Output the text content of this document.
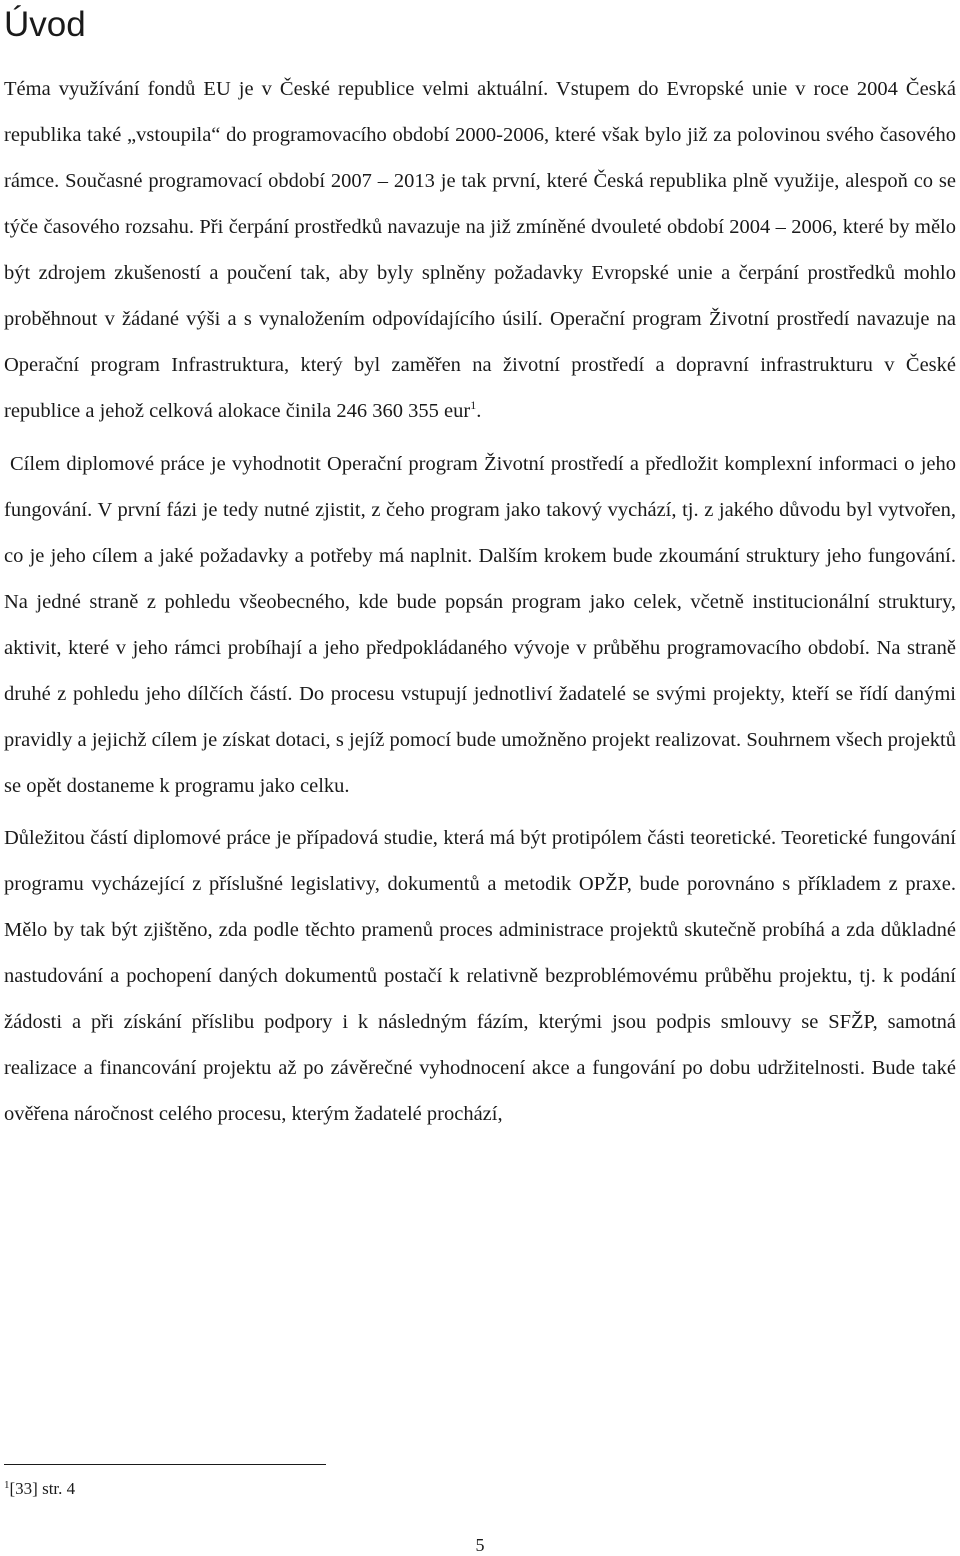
Úvod

Téma využívání fondů EU je v České republice velmi aktuální. Vstupem do Evropské unie v roce 2004 Česká republika také „vstoupila“ do programovacího období 2000-2006, které však bylo již za polovinou svého časového rámce. Současné programovací období 2007 – 2013 je tak první, které Česká republika plně využije, alespoň co se týče časového rozsahu. Při čerpání prostředků navazuje na již zmíněné dvouleté období 2004 – 2006, které by mělo být zdrojem zkušeností a poučení tak, aby byly splněny požadavky Evropské unie a čerpání prostředků mohlo proběhnout v žádané výši a s vynaložením odpovídajícího úsilí. Operační program Životní prostředí navazuje na Operační program Infrastruktura, který byl zaměřen na životní prostředí a dopravní infrastrukturu v České republice a jehož celková alokace činila 246 360 355 eur$^1$.

Cílem diplomové práce je vyhodnotit Operační program Životní prostředí a předložit komplexní informaci o jeho fungování. V první fázi je tedy nutné zjistit, z čeho program jako takový vychází, tj. z jakého důvodu byl vytvořen, co je jeho cílem a jaké požadavky a potřeby má naplnit. Dalším krokem bude zkoumání struktury jeho fungování. Na jedné straně z pohledu všeobecného, kde bude popsán program jako celek, včetně institucionální struktury, aktivit, které v jeho rámci probíhají a jeho předpokládaného vývoje v průběhu programovacího období. Na straně druhé z pohledu jeho dílčích částí. Do procesu vstupují jednotliví žadatelé se svými projekty, kteří se řídí danými pravidly a jejichž cílem je získat dotaci, s jejíž pomocí bude umožněno projekt realizovat. Souhrnem všech projektů se opět dostaneme k programu jako celku.

Důležitou částí diplomové práce je případová studie, která má být protipólem části teoretické. Teoretické fungování programu vycházející z příslušné legislativy, dokumentů a metodik OPŽP, bude porovnáno s příkladem z praxe. Mělo by tak být zjištěno, zda podle těchto pramenů proces administrace projektů skutečně probíhá a zda důkladné nastudování a pochopení daných dokumentů postačí k relativně bezproblémovému průběhu projektu, tj. k podání žádosti a při získání příslibu podpory i k následným fázím, kterými jsou podpis smlouvy se SFŽP, samotná realizace a financování projektu až po závěrečné vyhodnocení akce a fungování po dobu udržitelnosti. Bude také ověřena náročnost celého procesu, kterým žadatelé prochází,

$^1$[33] str. 4
5
